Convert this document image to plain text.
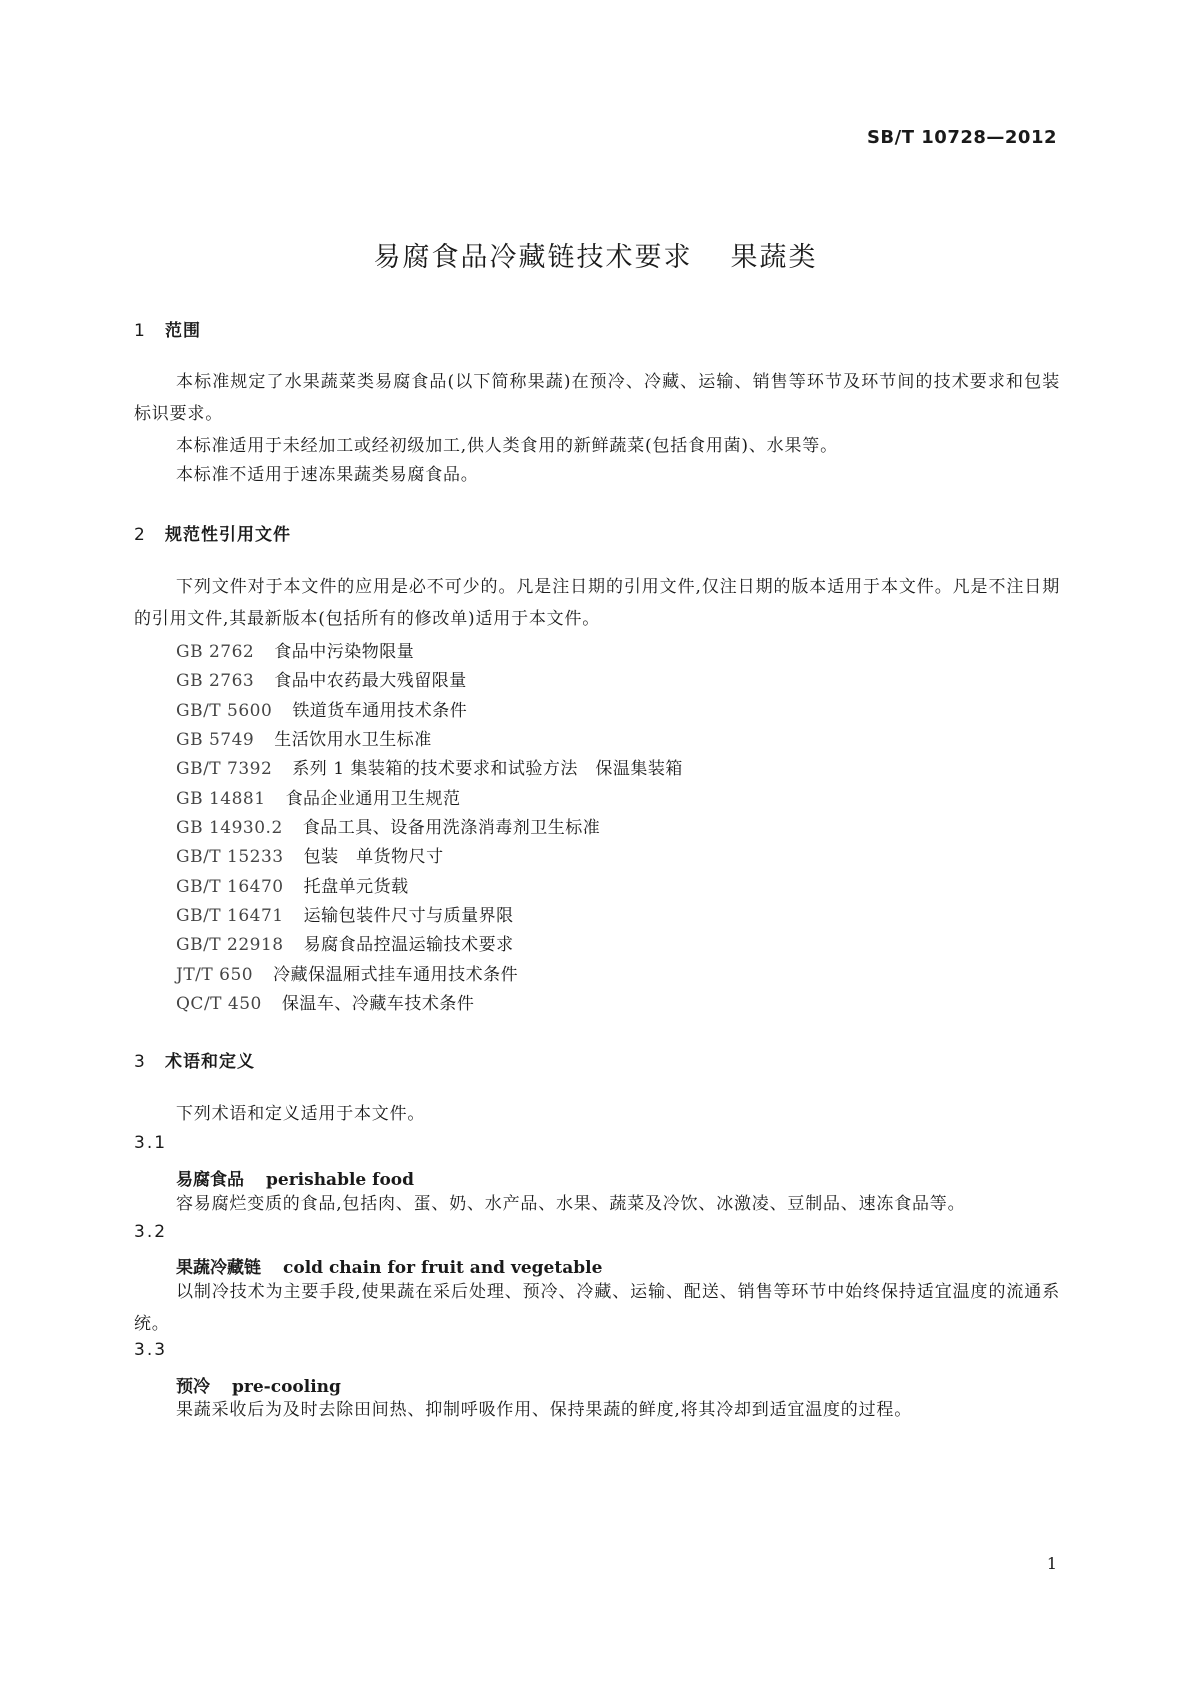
SB/T 10728—2012
易腐食品冷藏链技术要求 果蔬类
1 范围
本标准规定了水果蔬菜类易腐食品(以下简称果蔬)在预冷、冷藏、运输、销售等环节及环节间的技术要求和包装标识要求。
本标准适用于未经加工或经初级加工,供人类食用的新鲜蔬菜(包括食用菌)、水果等。
本标准不适用于速冻果蔬类易腐食品。
2 规范性引用文件
下列文件对于本文件的应用是必不可少的。凡是注日期的引用文件,仅注日期的版本适用于本文件。凡是不注日期的引用文件,其最新版本(包括所有的修改单)适用于本文件。
GB 2762 食品中污染物限量
GB 2763 食品中农药最大残留限量
GB/T 5600 铁道货车通用技术条件
GB 5749 生活饮用水卫生标准
GB/T 7392 系列 1 集装箱的技术要求和试验方法　保温集装箱
GB 14881 食品企业通用卫生规范
GB 14930.2 食品工具、设备用洗涤消毒剂卫生标准
GB/T 15233 包装　单货物尺寸
GB/T 16470 托盘单元货载
GB/T 16471 运输包装件尺寸与质量界限
GB/T 22918 易腐食品控温运输技术要求
JT/T 650 冷藏保温厢式挂车通用技术条件
QC/T 450 保温车、冷藏车技术条件
3 术语和定义
下列术语和定义适用于本文件。
3.1
易腐食品 perishable food
容易腐烂变质的食品,包括肉、蛋、奶、水产品、水果、蔬菜及冷饮、冰激凌、豆制品、速冻食品等。
3.2
果蔬冷藏链 cold chain for fruit and vegetable
以制冷技术为主要手段,使果蔬在采后处理、预冷、冷藏、运输、配送、销售等环节中始终保持适宜温度的流通系统。
3.3
预冷 pre-cooling
果蔬采收后为及时去除田间热、抑制呼吸作用、保持果蔬的鲜度,将其冷却到适宜温度的过程。
1
